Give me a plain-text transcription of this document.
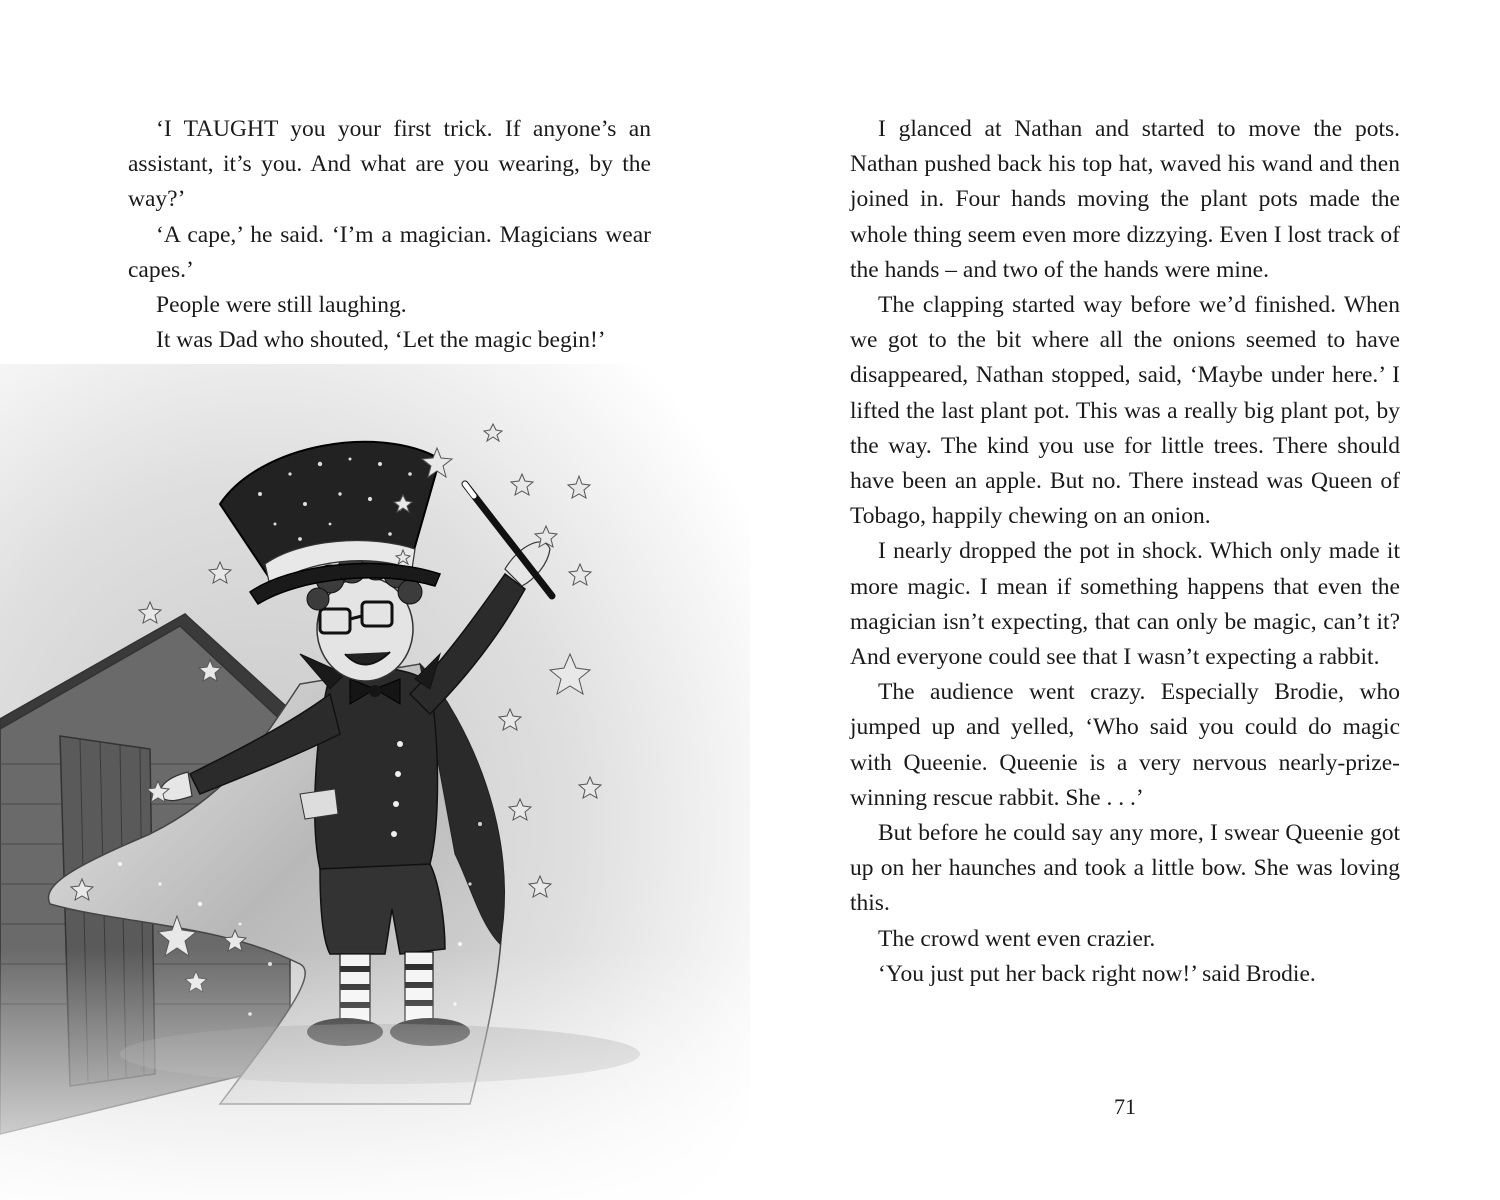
‘I TAUGHT you your first trick. If anyone’s an assistant, it’s you. And what are you wearing, by the way?’

‘A cape,’ he said. ‘I’m a magician. Magicians wear capes.’

People were still laughing.

It was Dad who shouted, ‘Let the magic begin!’

I glanced at Nathan and started to move the pots. Nathan pushed back his top hat, waved his wand and then joined in. Four hands moving the plant pots made the whole thing seem even more dizzying. Even I lost track of the hands – and two of the hands were mine.

The clapping started way before we’d finished. When we got to the bit where all the onions seemed to have disappeared, Nathan stopped, said, ‘Maybe under here.’ I lifted the last plant pot. This was a really big plant pot, by the way. The kind you use for little trees. There should have been an apple. But no. There instead was Queen of Tobago, happily chewing on an onion.

I nearly dropped the pot in shock. Which only made it more magic. I mean if something happens that even the magician isn’t expecting, that can only be magic, can’t it? And everyone could see that I wasn’t expecting a rabbit.

The audience went crazy. Especially Brodie, who jumped up and yelled, ‘Who said you could do magic with Queenie. Queenie is a very nervous nearly-prize-winning rescue rabbit. She . . .’

But before he could say any more, I swear Queenie got up on her haunches and took a little bow. She was loving this.

The crowd went even crazier.

‘You just put her back right now!’ said Brodie.

71
